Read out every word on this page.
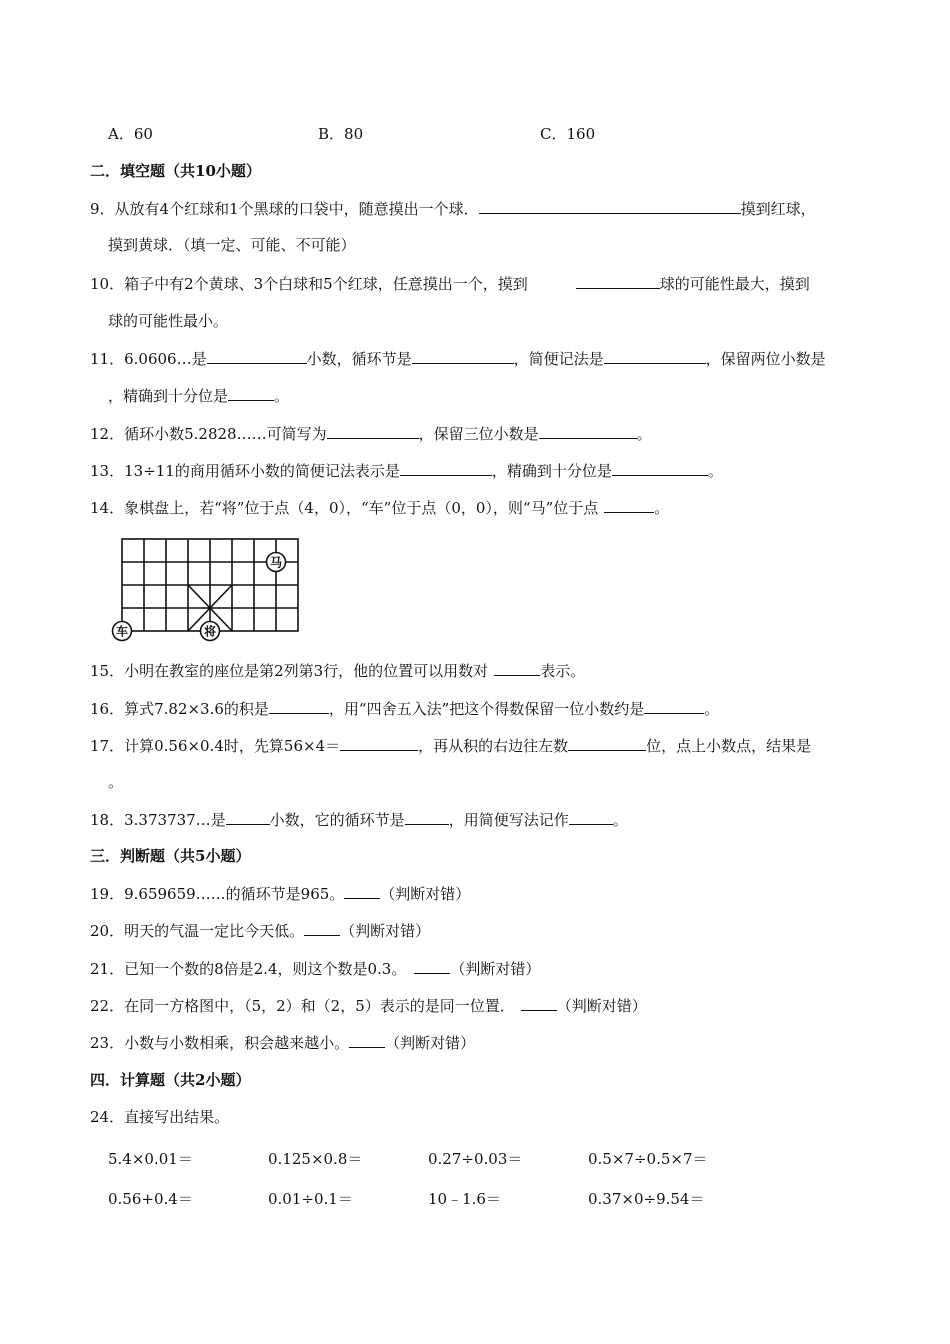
A．60	B．80	C．160
二．填空题（共10小题）
9．从放有4个红球和1个黑球的口袋中，随意摸出一个球．	摸到红球，
摸到黄球．（填一定、可能、不可能）
10．箱子中有2个黄球、3个白球和5个红球，任意摸出一个，摸到	球的可能性最大，摸到
球的可能性最小。
11．6.0606…是	小数，循环节是	，简便记法是	，保留两位小数是
，精确到十分位是	。
12．循环小数5.2828……可简写为	，保留三位小数是	。
13．13÷11的商用循环小数的简便记法表示是	，精确到十分位是	。
14．象棋盘上，若“将”位于点（4，0），“车”位于点（0，0），则“马”位于点	。
马
车	将
15．小明在教室的座位是第2列第3行，他的位置可以用数对	表示。
16．算式7.82×3.6的积是	，用“四舍五入法”把这个得数保留一位小数约是	。
17．计算0.56×0.4时，先算56×4＝	，再从积的右边往左数	位，点上小数点，结果是
。
18．3.373737…是	小数，它的循环节是	，用简便写法记作	。
三．判断题（共5小题）
19．9.659659……的循环节是965。 （判断对错）
20．明天的气温一定比今天低。 （判断对错）
21．已知一个数的8倍是2.4，则这个数是0.3。	（判断对错）
22．在同一方格图中，（5，2）和（2，5）表示的是同一位置．	（判断对错）
23．小数与小数相乘，积会越来越小。 （判断对错）
四．计算题（共2小题）
24．直接写出结果。
5.4×0.01＝	0.125×0.8＝	0.27÷0.03＝	0.5×7÷0.5×7＝
0.56+0.4＝	0.01÷0.1＝	10﹣1.6＝	0.37×0÷9.54＝
